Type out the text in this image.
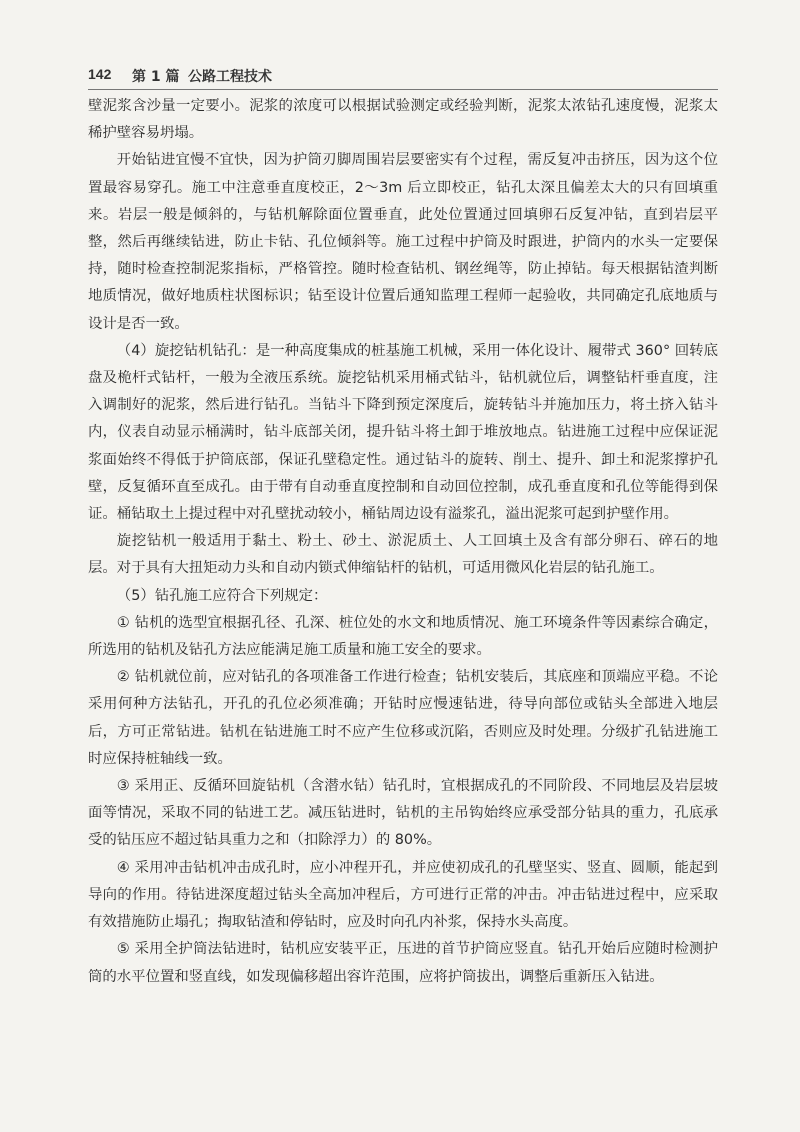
142 第 1 篇 公路工程技术

壁泥浆含沙量一定要小。泥浆的浓度可以根据试验测定或经验判断，泥浆太浓钻孔速度慢，泥浆太稀护壁容易坍塌。

开始钻进宜慢不宜快，因为护筒刃脚周围岩层要密实有个过程，需反复冲击挤压，因为这个位置最容易穿孔。施工中注意垂直度校正，2～3m 后立即校正，钻孔太深且偏差太大的只有回填重来。岩层一般是倾斜的，与钻机解除面位置垂直，此处位置通过回填卵石反复冲钻，直到岩层平整，然后再继续钻进，防止卡钻、孔位倾斜等。施工过程中护筒及时跟进，护筒内的水头一定要保持，随时检查控制泥浆指标，严格管控。随时检查钻机、钢丝绳等，防止掉钻。每天根据钻渣判断地质情况，做好地质柱状图标识；钻至设计位置后通知监理工程师一起验收，共同确定孔底地质与设计是否一致。

（4）旋挖钻机钻孔：是一种高度集成的桩基施工机械，采用一体化设计、履带式 360° 回转底盘及桅杆式钻杆，一般为全液压系统。旋挖钻机采用桶式钻斗，钻机就位后，调整钻杆垂直度，注入调制好的泥浆，然后进行钻孔。当钻斗下降到预定深度后，旋转钻斗并施加压力，将土挤入钻斗内，仪表自动显示桶满时，钻斗底部关闭，提升钻斗将土卸于堆放地点。钻进施工过程中应保证泥浆面始终不得低于护筒底部，保证孔壁稳定性。通过钻斗的旋转、削土、提升、卸土和泥浆撑护孔壁，反复循环直至成孔。由于带有自动垂直度控制和自动回位控制，成孔垂直度和孔位等能得到保证。桶钻取土上提过程中对孔壁扰动较小，桶钻周边设有溢浆孔，溢出泥浆可起到护壁作用。

旋挖钻机一般适用于黏土、粉土、砂土、淤泥质土、人工回填土及含有部分卵石、碎石的地层。对于具有大扭矩动力头和自动内锁式伸缩钻杆的钻机，可适用微风化岩层的钻孔施工。

（5）钻孔施工应符合下列规定：

① 钻机的选型宜根据孔径、孔深、桩位处的水文和地质情况、施工环境条件等因素综合确定，所选用的钻机及钻孔方法应能满足施工质量和施工安全的要求。

② 钻机就位前，应对钻孔的各项准备工作进行检查；钻机安装后，其底座和顶端应平稳。不论采用何种方法钻孔，开孔的孔位必须准确；开钻时应慢速钻进，待导向部位或钻头全部进入地层后，方可正常钻进。钻机在钻进施工时不应产生位移或沉陷，否则应及时处理。分级扩孔钻进施工时应保持桩轴线一致。

③ 采用正、反循环回旋钻机（含潜水钻）钻孔时，宜根据成孔的不同阶段、不同地层及岩层坡面等情况，采取不同的钻进工艺。减压钻进时，钻机的主吊钩始终应承受部分钻具的重力，孔底承受的钻压应不超过钻具重力之和（扣除浮力）的 80%。

④ 采用冲击钻机冲击成孔时，应小冲程开孔，并应使初成孔的孔壁坚实、竖直、圆顺，能起到导向的作用。待钻进深度超过钻头全高加冲程后，方可进行正常的冲击。冲击钻进过程中，应采取有效措施防止塌孔；掏取钻渣和停钻时，应及时向孔内补浆，保持水头高度。

⑤ 采用全护筒法钻进时，钻机应安装平正，压进的首节护筒应竖直。钻孔开始后应随时检测护筒的水平位置和竖直线，如发现偏移超出容许范围，应将护筒拔出，调整后重新压入钻进。
